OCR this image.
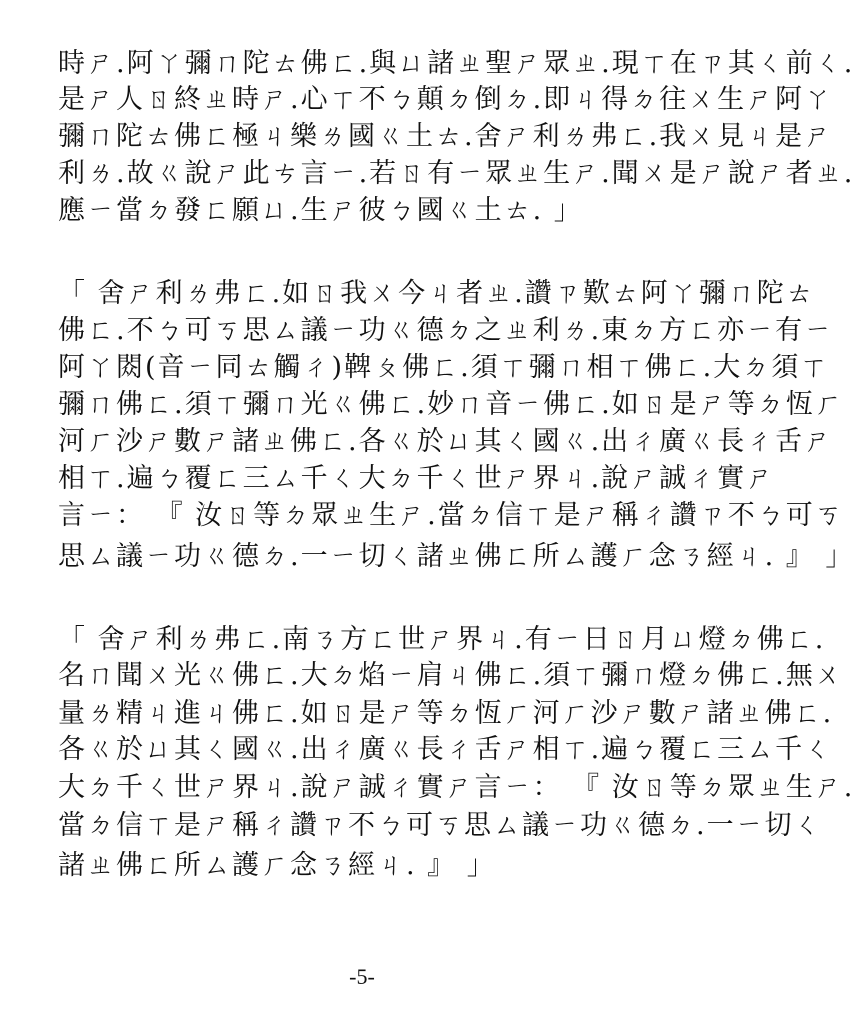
時ㄕ.阿ㄚ彌ㄇ陀ㄊ佛ㄈ.與ㄩ諸ㄓ聖ㄕ眾ㄓ.現ㄒ在ㄗ其ㄑ前ㄑ.
是ㄕ人ㄖ終ㄓ時ㄕ.心ㄒ不ㄅ顛ㄉ倒ㄉ.即ㄐ得ㄉ往ㄨ生ㄕ阿ㄚ
彌ㄇ陀ㄊ佛ㄈ極ㄐ樂ㄌ國ㄍ土ㄊ.舍ㄕ利ㄌ弗ㄈ.我ㄨ見ㄐ是ㄕ
利ㄌ.故ㄍ說ㄕ此ㄘ言ㄧ.若ㄖ有ㄧ眾ㄓ生ㄕ.聞ㄨ是ㄕ說ㄕ者ㄓ.
應ㄧ當ㄉ發ㄈ願ㄩ.生ㄕ彼ㄅ國ㄍ土ㄊ. 」
「 舍ㄕ利ㄌ弗ㄈ.如ㄖ我ㄨ今ㄐ者ㄓ.讚ㄗ歎ㄊ阿ㄚ彌ㄇ陀ㄊ
佛ㄈ.不ㄅ可ㄎ思ㄙ議ㄧ功ㄍ德ㄉ之ㄓ利ㄌ.東ㄉ方ㄈ亦ㄧ有ㄧ
阿ㄚ閦(音ㄧ同ㄊ觸ㄔ)鞞ㄆ佛ㄈ.須ㄒ彌ㄇ相ㄒ佛ㄈ.大ㄉ須ㄒ
彌ㄇ佛ㄈ.須ㄒ彌ㄇ光ㄍ佛ㄈ.妙ㄇ音ㄧ佛ㄈ.如ㄖ是ㄕ等ㄉ恆ㄏ
河ㄏ沙ㄕ數ㄕ諸ㄓ佛ㄈ.各ㄍ於ㄩ其ㄑ國ㄍ.出ㄔ廣ㄍ長ㄔ舌ㄕ
相ㄒ.遍ㄅ覆ㄈ三ㄙ千ㄑ大ㄉ千ㄑ世ㄕ界ㄐ.說ㄕ誠ㄔ實ㄕ
言ㄧ： 『 汝ㄖ等ㄉ眾ㄓ生ㄕ.當ㄉ信ㄒ是ㄕ稱ㄔ讚ㄗ不ㄅ可ㄎ
思ㄙ議ㄧ功ㄍ德ㄉ.一ㄧ切ㄑ諸ㄓ佛ㄈ所ㄙ護ㄏ念ㄋ經ㄐ. 』 」
「 舍ㄕ利ㄌ弗ㄈ.南ㄋ方ㄈ世ㄕ界ㄐ.有ㄧ日ㄖ月ㄩ燈ㄉ佛ㄈ.
名ㄇ聞ㄨ光ㄍ佛ㄈ.大ㄉ焰ㄧ肩ㄐ佛ㄈ.須ㄒ彌ㄇ燈ㄉ佛ㄈ.無ㄨ
量ㄌ精ㄐ進ㄐ佛ㄈ.如ㄖ是ㄕ等ㄉ恆ㄏ河ㄏ沙ㄕ數ㄕ諸ㄓ佛ㄈ.
各ㄍ於ㄩ其ㄑ國ㄍ.出ㄔ廣ㄍ長ㄔ舌ㄕ相ㄒ.遍ㄅ覆ㄈ三ㄙ千ㄑ
大ㄉ千ㄑ世ㄕ界ㄐ.說ㄕ誠ㄔ實ㄕ言ㄧ： 『 汝ㄖ等ㄉ眾ㄓ生ㄕ.
當ㄉ信ㄒ是ㄕ稱ㄔ讚ㄗ不ㄅ可ㄎ思ㄙ議ㄧ功ㄍ德ㄉ.一ㄧ切ㄑ
諸ㄓ佛ㄈ所ㄙ護ㄏ念ㄋ經ㄐ. 』 」
-5-
